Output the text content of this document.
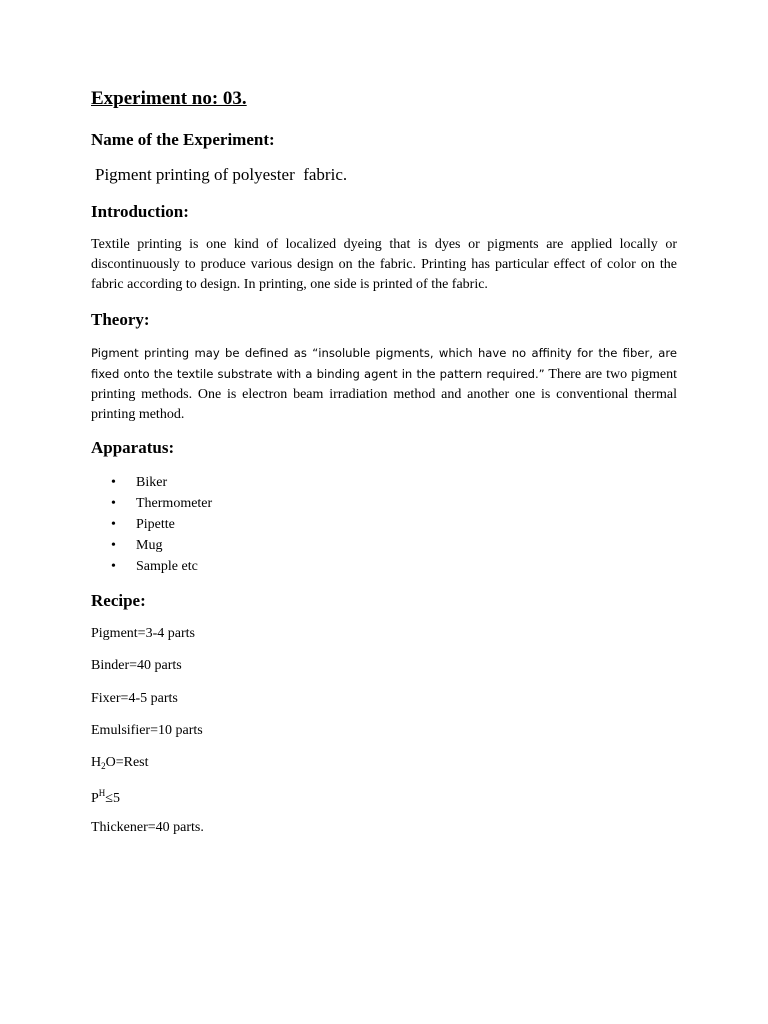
Experiment no: 03.
Name of the Experiment:
Pigment printing of polyester  fabric.
Introduction:
Textile printing is one kind of localized dyeing that is dyes or pigments are applied locally or discontinuously to produce various design on the fabric. Printing has particular effect of color on the fabric according to design. In printing, one side is printed of the fabric.
Theory:
Pigment printing may be defined as “insoluble pigments, which have no affinity for the fiber, are fixed onto the textile substrate with a binding agent in the pattern required.” There are two pigment printing methods. One is electron beam irradiation method and another one is conventional thermal printing method.
Apparatus:
• Biker
• Thermometer
• Pipette
• Mug
• Sample etc
Recipe:
Pigment=3-4 parts
Binder=40 parts
Fixer=4-5 parts
Emulsifier=10 parts
$H_2O=Rest$
$P^H\le 5$
Thickener=40 parts.
